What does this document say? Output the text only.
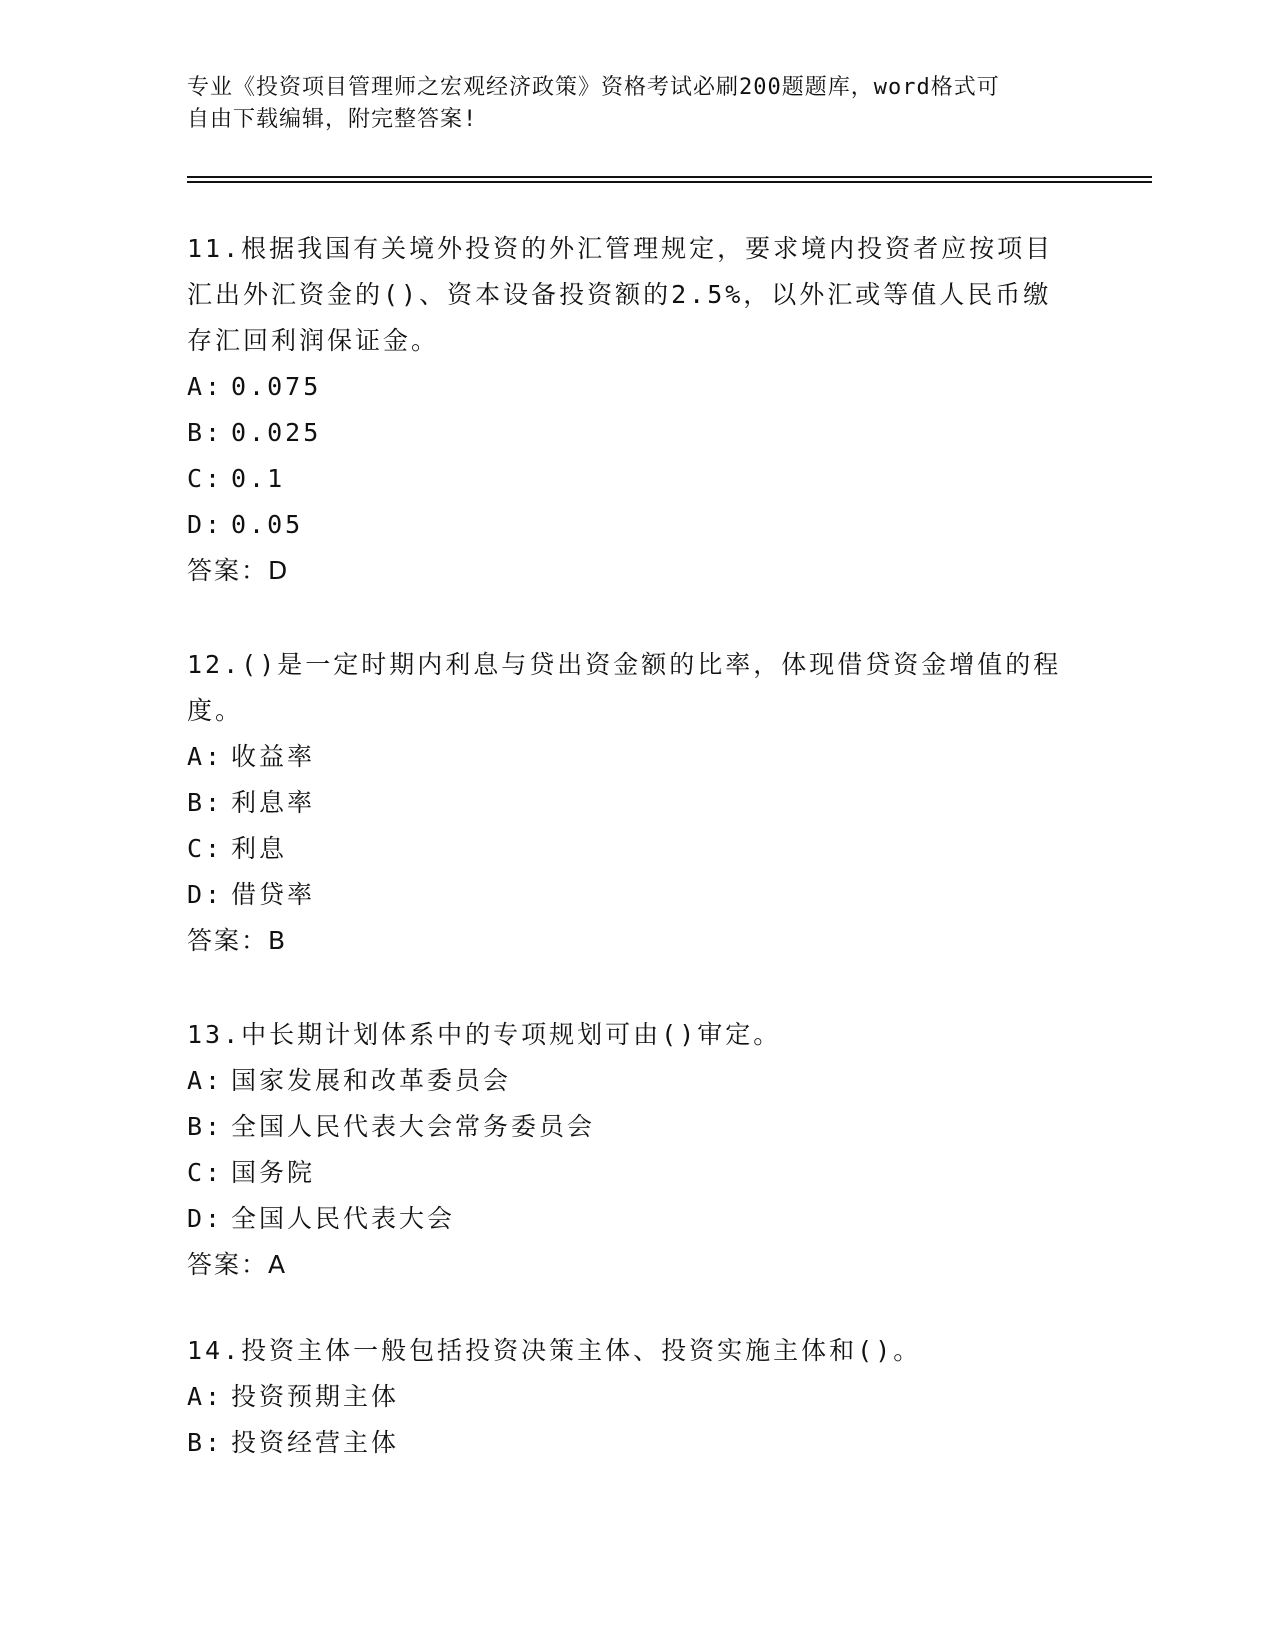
专业《投资项目管理师之宏观经济政策》资格考试必刷200题题库，word格式可
自由下载编辑，附完整答案!
11.根据我国有关境外投资的外汇管理规定，要求境内投资者应按项目
汇出外汇资金的()、资本设备投资额的2.5%，以外汇或等值人民币缴
存汇回利润保证金。
A: 0.075
B: 0.025
C: 0.1
D: 0.05
答案：D
12.()是一定时期内利息与贷出资金额的比率，体现借贷资金增值的程
度。
A: 收益率
B: 利息率
C: 利息
D: 借贷率
答案：B
13.中长期计划体系中的专项规划可由()审定。
A: 国家发展和改革委员会
B: 全国人民代表大会常务委员会
C: 国务院
D: 全国人民代表大会
答案：A
14.投资主体一般包括投资决策主体、投资实施主体和()。
A: 投资预期主体
B: 投资经营主体
